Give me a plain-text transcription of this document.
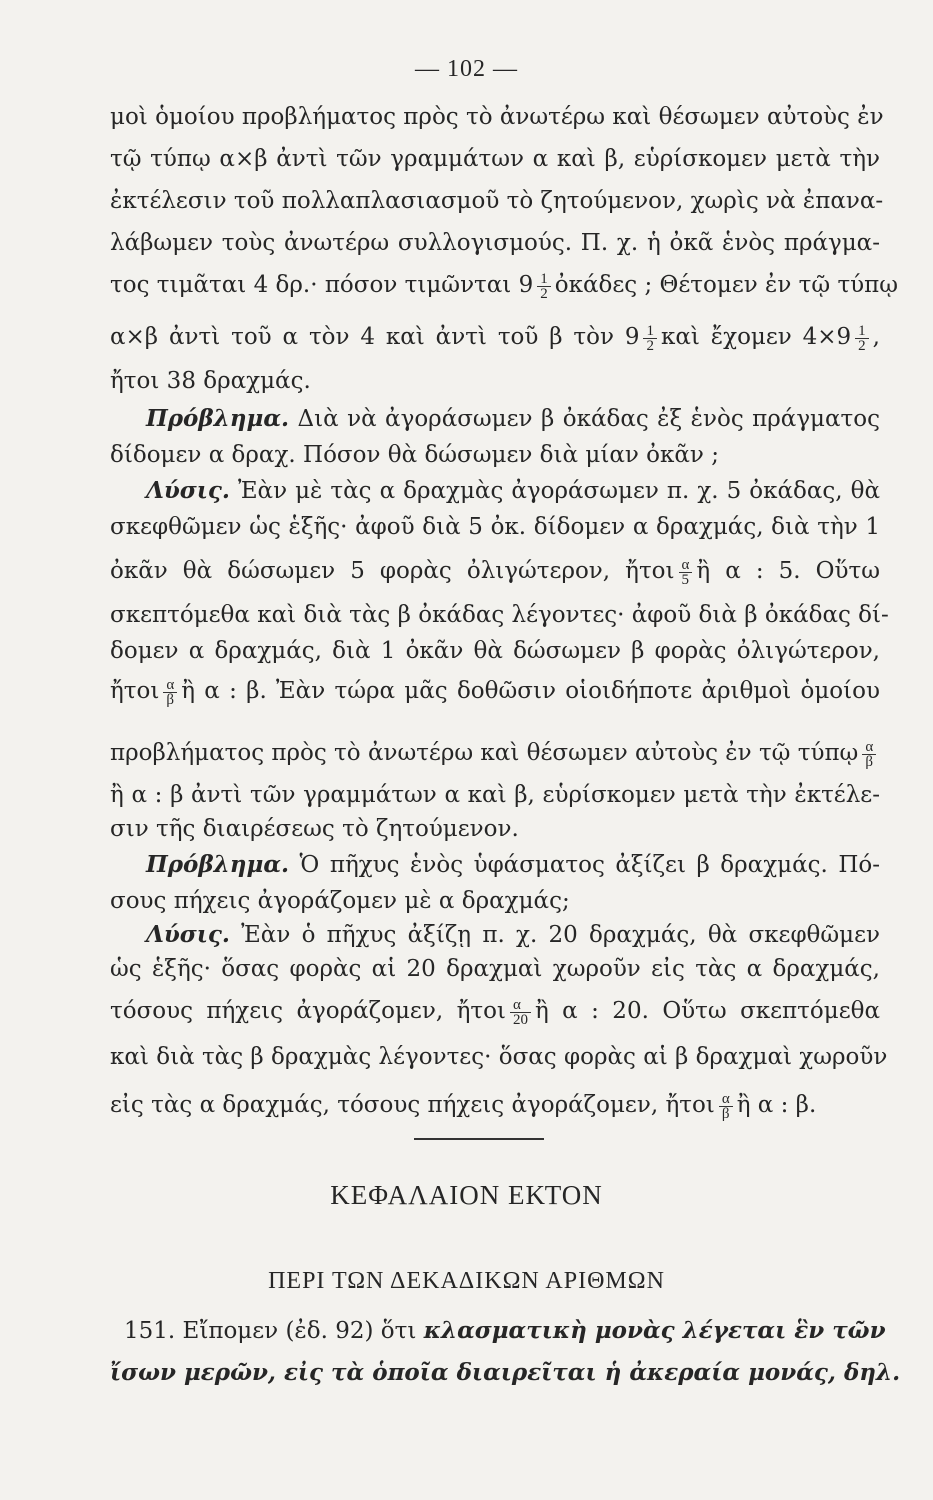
— 102 —
μοὶ ὁμοίου προβλήματος πρὸς τὸ ἀνωτέρω καὶ θέσωμεν αὐτοὺς ἐν
τῷ τύπῳ α×β ἀντὶ τῶν γραμμάτων α καὶ β, εὑρίσκομεν μετὰ τὴν
ἐκτέλεσιν τοῦ πολλαπλασιασμοῦ τὸ ζητούμενον, χωρὶς νὰ ἐπανα-
λάβωμεν τοὺς ἀνωτέρω συλλογισμούς. Π. χ. ἡ ὀκᾶ ἑνὸς πράγμα-
τος τιμᾶται 4 δρ.· πόσον τιμῶνται $9 \frac{1}{2}$ ὀκάδες ; Θέτομεν ἐν τῷ τύπῳ
α×β ἀντὶ τοῦ α τὸν 4 καὶ ἀντὶ τοῦ β τὸν $9 \frac{1}{2}$ καὶ ἔχομεν $4\times 9 \frac{1}{2}$ ,
ἤτοι 38 δραχμάς.
Πρόβλημα. Διὰ νὰ ἀγοράσωμεν β ὀκάδας ἐξ ἑνὸς πράγματος
δίδομεν α δραχ. Πόσον θὰ δώσωμεν διὰ μίαν ὀκᾶν ;
Λύσις. Ἐὰν μὲ τὰς α δραχμὰς ἀγοράσωμεν π. χ. 5 ὀκάδας, θὰ
σκεφθῶμεν ὡς ἑξῆς· ἀφοῦ διὰ 5 ὀκ. δίδομεν α δραχμάς, διὰ τὴν 1
ὀκᾶν θὰ δώσωμεν 5 φορὰς ὀλιγώτερον, ἤτοι $\frac{\alpha}{5}$ ἢ α : 5. Οὕτω
σκεπτόμεθα καὶ διὰ τὰς β ὀκάδας λέγοντες· ἀφοῦ διὰ β ὀκάδας δί-
δομεν α δραχμάς, διὰ 1 ὀκᾶν θὰ δώσωμεν β φορὰς ὀλιγώτερον,
ἤτοι $\frac{\alpha}{\beta}$ ἢ α : β. Ἐὰν τώρα μᾶς δοθῶσιν οἱοιδήποτε ἀριθμοὶ ὁμοίου
προβλήματος πρὸς τὸ ἀνωτέρω καὶ θέσωμεν αὐτοὺς ἐν τῷ τύπῳ $\frac{\alpha}{\beta}$
ἢ α : β ἀντὶ τῶν γραμμάτων α καὶ β, εὑρίσκομεν μετὰ τὴν ἐκτέλε-
σιν τῆς διαιρέσεως τὸ ζητούμενον.
Πρόβλημα. Ὁ πῆχυς ἑνὸς ὑφάσματος ἀξίζει β δραχμάς. Πό-
σους πήχεις ἀγοράζομεν μὲ α δραχμάς;
Λύσις. Ἐὰν ὁ πῆχυς ἀξίζῃ π. χ. 20 δραχμάς, θὰ σκεφθῶμεν
ὡς ἑξῆς· ὅσας φορὰς αἱ 20 δραχμαὶ χωροῦν εἰς τὰς α δραχμάς,
τόσους πήχεις ἀγοράζομεν, ἤτοι $\frac{\alpha}{20}$ ἢ α : 20. Οὕτω σκεπτόμεθα
καὶ διὰ τὰς β δραχμὰς λέγοντες· ὅσας φορὰς αἱ β δραχμαὶ χωροῦν
εἰς τὰς α δραχμάς, τόσους πήχεις ἀγοράζομεν, ἤτοι $\frac{\alpha}{\beta}$ ἢ α : β.
ΚΕΦΑΛΑΙΟΝ ΕΚΤΟΝ
ΠΕΡΙ ΤΩΝ ΔΕΚΑΔΙΚΩΝ ΑΡΙΘΜΩΝ
151. Εἴπομεν (ἐδ. 92) ὅτι κλασματικὴ μονὰς λέγεται ἓν τῶν
ἴσων μερῶν, εἰς τὰ ὁποῖα διαιρεῖται ἡ ἀκεραία μονάς, δηλ.
